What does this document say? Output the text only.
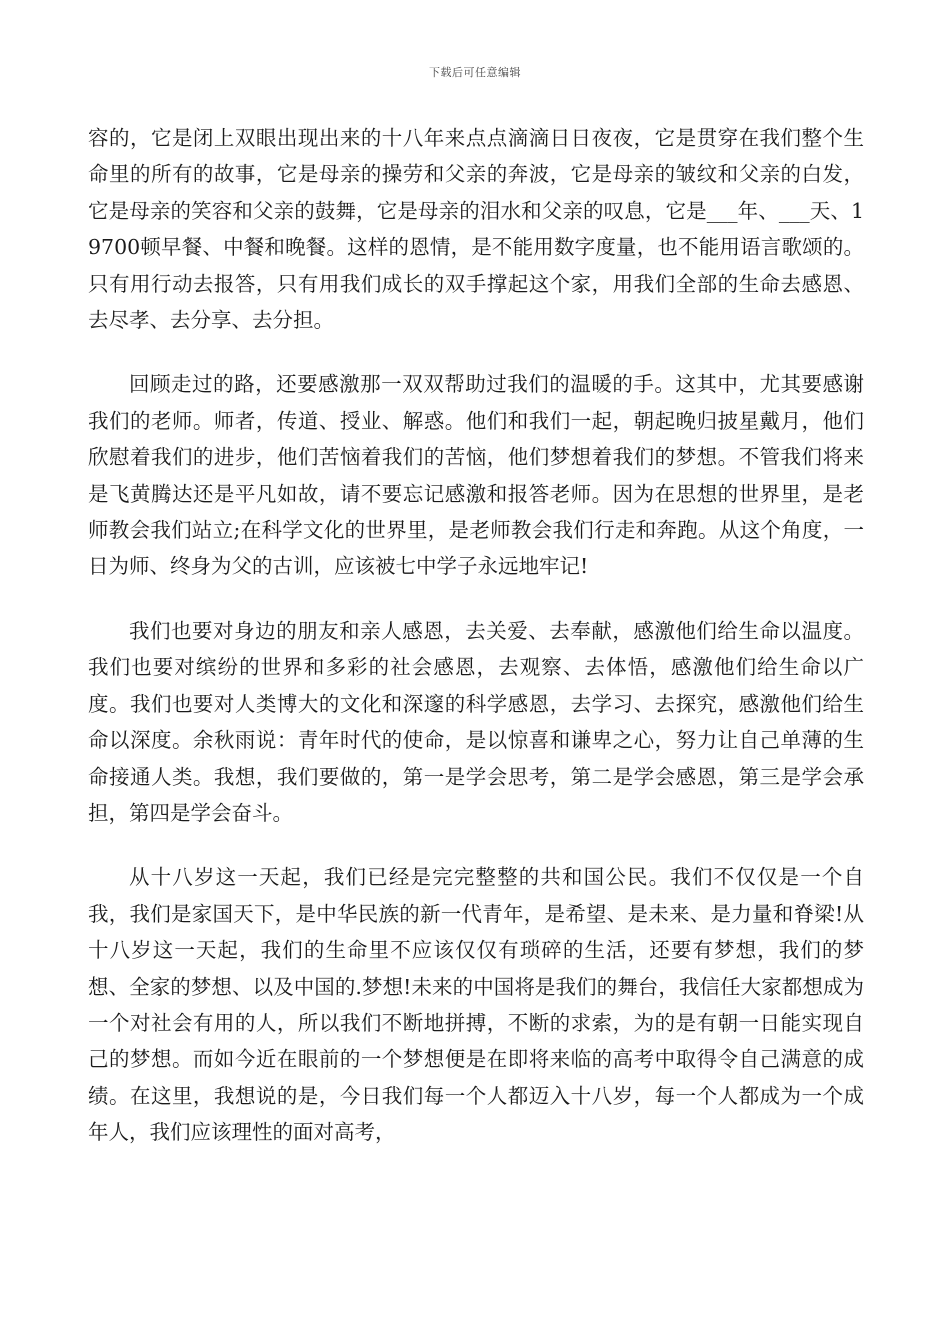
下载后可任意编辑

容的，它是闭上双眼出现出来的十八年来点点滴滴日日夜夜，它是贯穿在我们整个生命里的所有的故事，它是母亲的操劳和父亲的奔波，它是母亲的皱纹和父亲的白发，它是母亲的笑容和父亲的鼓舞，它是母亲的泪水和父亲的叹息，它是___年、___天、19700顿早餐、中餐和晚餐。这样的恩情，是不能用数字度量，也不能用语言歌颂的。只有用行动去报答，只有用我们成长的双手撑起这个家，用我们全部的生命去感恩、去尽孝、去分享、去分担。

回顾走过的路，还要感激那一双双帮助过我们的温暖的手。这其中，尤其要感谢我们的老师。师者，传道、授业、解惑。他们和我们一起，朝起晚归披星戴月，他们欣慰着我们的进步，他们苦恼着我们的苦恼，他们梦想着我们的梦想。不管我们将来是飞黄腾达还是平凡如故，请不要忘记感激和报答老师。因为在思想的世界里，是老师教会我们站立;在科学文化的世界里，是老师教会我们行走和奔跑。从这个角度，一日为师、终身为父的古训，应该被七中学子永远地牢记!

我们也要对身边的朋友和亲人感恩，去关爱、去奉献，感激他们给生命以温度。我们也要对缤纷的世界和多彩的社会感恩，去观察、去体悟，感激他们给生命以广度。我们也要对人类博大的文化和深邃的科学感恩，去学习、去探究，感激他们给生命以深度。余秋雨说：青年时代的使命，是以惊喜和谦卑之心，努力让自己单薄的生命接通人类。我想，我们要做的，第一是学会思考，第二是学会感恩，第三是学会承担，第四是学会奋斗。

从十八岁这一天起，我们已经是完完整整的共和国公民。我们不仅仅是一个自我，我们是家国天下，是中华民族的新一代青年，是希望、是未来、是力量和脊梁!从十八岁这一天起，我们的生命里不应该仅仅有琐碎的生活，还要有梦想，我们的梦想、全家的梦想、以及中国的.梦想!未来的中国将是我们的舞台，我信任大家都想成为一个对社会有用的人，所以我们不断地拼搏，不断的求索，为的是有朝一日能实现自己的梦想。而如今近在眼前的一个梦想便是在即将来临的高考中取得令自己满意的成绩。在这里，我想说的是，今日我们每一个人都迈入十八岁，每一个人都成为一个成年人，我们应该理性的面对高考，
